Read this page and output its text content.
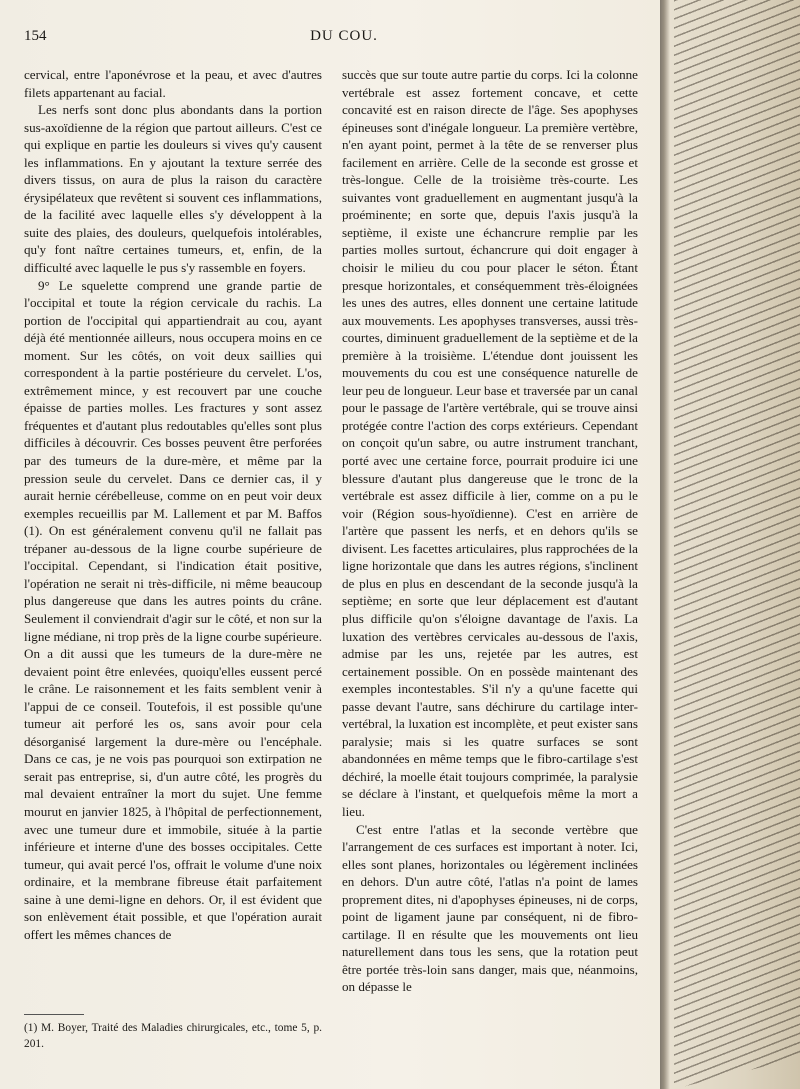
154	DU COU.

cervical, entre l'aponévrose et la peau, et avec d'autres filets appartenant au facial.

Les nerfs sont donc plus abondants dans la portion sus-axoïdienne de la région que partout ailleurs. C'est ce qui explique en partie les douleurs si vives qu'y causent les inflammations. En y ajoutant la texture serrée des divers tissus, on aura de plus la raison du caractère érysipélateux que revêtent si souvent ces inflammations, de la facilité avec laquelle elles s'y développent à la suite des plaies, des douleurs, quelquefois intolérables, qu'y font naître certaines tumeurs, et, enfin, de la difficulté avec laquelle le pus s'y rassemble en foyers.

9° Le squelette comprend une grande partie de l'occipital et toute la région cervicale du rachis. La portion de l'occipital qui appartiendrait au cou, ayant déjà été mentionnée ailleurs, nous occupera moins en ce moment. Sur les côtés, on voit deux saillies qui correspondent à la partie postérieure du cervelet. L'os, extrêmement mince, y est recouvert par une couche épaisse de parties molles. Les fractures y sont assez fréquentes et d'autant plus redoutables qu'elles sont plus difficiles à découvrir. Ces bosses peuvent être perforées par des tumeurs de la dure-mère, et même par la pression seule du cervelet. Dans ce dernier cas, il y aurait hernie cérébelleuse, comme on en peut voir deux exemples recueillis par M. Lallement et par M. Baffos (1). On est généralement convenu qu'il ne fallait pas trépaner au-dessous de la ligne courbe supérieure de l'occipital. Cependant, si l'indication était positive, l'opération ne serait ni très-difficile, ni même beaucoup plus dangereuse que dans les autres points du crâne. Seulement il conviendrait d'agir sur le côté, et non sur la ligne médiane, ni trop près de la ligne courbe supérieure. On a dit aussi que les tumeurs de la dure-mère ne devaient point être enlevées, quoiqu'elles eussent percé le crâne. Le raisonnement et les faits semblent venir à l'appui de ce conseil. Toutefois, il est possible qu'une tumeur ait perforé les os, sans avoir pour cela désorganisé largement la dure-mère ou l'encéphale. Dans ce cas, je ne vois pas pourquoi son extirpation ne serait pas entreprise, si, d'un autre côté, les progrès du mal devaient entraîner la mort du sujet. Une femme mourut en janvier 1825, à l'hôpital de perfectionnement, avec une tumeur dure et immobile, située à la partie inférieure et interne d'une des bosses occipitales. Cette tumeur, qui avait percé l'os, offrait le volume d'une noix ordinaire, et la membrane fibreuse était parfaitement saine à une demi-ligne en dehors. Or, il est évident que son enlèvement était possible, et que l'opération aurait offert les mêmes chances de

succès que sur toute autre partie du corps. Ici la colonne vertébrale est assez fortement concave, et cette concavité est en raison directe de l'âge. Ses apophyses épineuses sont d'inégale longueur. La première vertèbre, n'en ayant point, permet à la tête de se renverser plus facilement en arrière. Celle de la seconde est grosse et très-longue. Celle de la troisième très-courte. Les suivantes vont graduellement en augmentant jusqu'à la proéminente; en sorte que, depuis l'axis jusqu'à la septième, il existe une échancrure remplie par les parties molles surtout, échancrure qui doit engager à choisir le milieu du cou pour placer le séton. Étant presque horizontales, et conséquemment très-éloignées les unes des autres, elles donnent une certaine latitude aux mouvements. Les apophyses transverses, aussi très-courtes, diminuent graduellement de la septième et de la première à la troisième. L'étendue dont jouissent les mouvements du cou est une conséquence naturelle de leur peu de longueur. Leur base et traversée par un canal pour le passage de l'artère vertébrale, qui se trouve ainsi protégée contre l'action des corps extérieurs. Cependant on conçoit qu'un sabre, ou autre instrument tranchant, porté avec une certaine force, pourrait produire ici une blessure d'autant plus dangereuse que le tronc de la vertébrale est assez difficile à lier, comme on a pu le voir (Région sous-hyoïdienne). C'est en arrière de l'artère que passent les nerfs, et en dehors qu'ils se divisent. Les facettes articulaires, plus rapprochées de la ligne horizontale que dans les autres régions, s'inclinent de plus en plus en descendant de la seconde jusqu'à la septième; en sorte que leur déplacement est d'autant plus difficile qu'on s'éloigne davantage de l'axis. La luxation des vertèbres cervicales au-dessous de l'axis, admise par les uns, rejetée par les autres, est certainement possible. On en possède maintenant des exemples incontestables. S'il n'y a qu'une facette qui passe devant l'autre, sans déchirure du cartilage inter-vertébral, la luxation est incomplète, et peut exister sans paralysie; mais si les quatre surfaces se sont abandonnées en même temps que le fibro-cartilage s'est déchiré, la moelle était toujours comprimée, la paralysie se déclare à l'instant, et quelquefois même la mort a lieu.

C'est entre l'atlas et la seconde vertèbre que l'arrangement de ces surfaces est important à noter. Ici, elles sont planes, horizontales ou légèrement inclinées en dehors. D'un autre côté, l'atlas n'a point de lames proprement dites, ni d'apophyses épineuses, ni de corps, point de ligament jaune par conséquent, ni de fibro-cartilage. Il en résulte que les mouvements ont lieu naturellement dans tous les sens, que la rotation peut être portée très-loin sans danger, mais que, néanmoins, on dépasse le

(1) M. Boyer, Traité des Maladies chirurgicales, etc., tome 5, p. 201.
